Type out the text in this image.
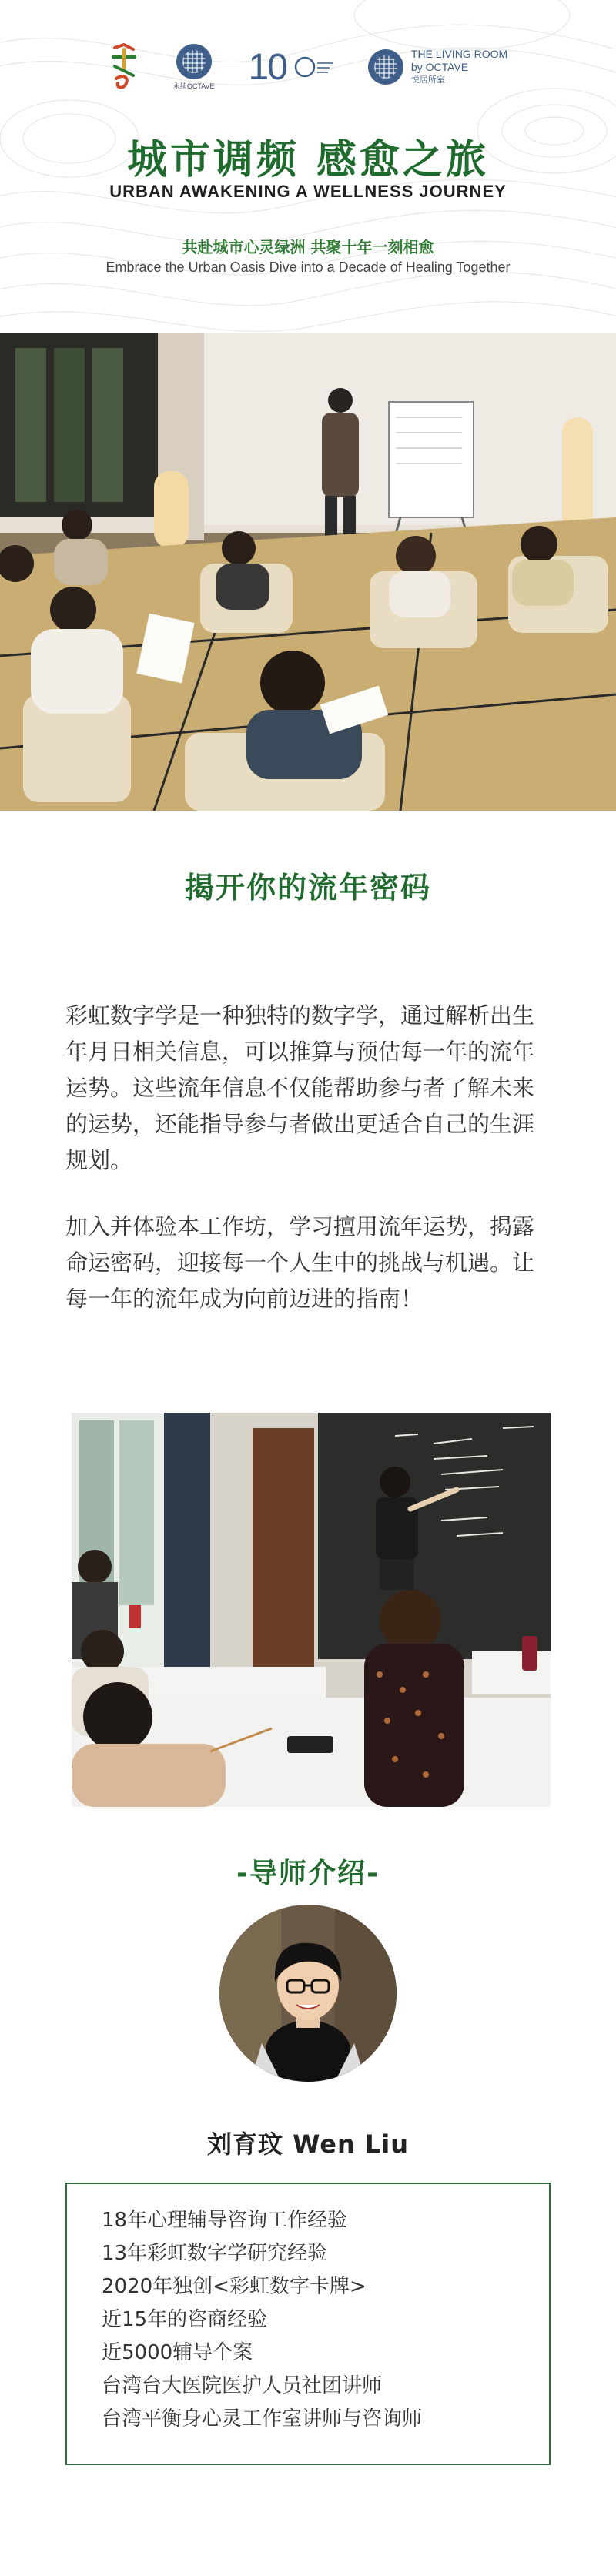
永续OCTAVE 10	THE LIVING ROOM
by OCTAVE
悦居所室
城市调频 感愈之旅
URBAN AWAKENING A WELLNESS JOURNEY
共赴城市心灵绿洲 共聚十年一刻相愈
Embrace the Urban Oasis Dive into a Decade of Healing Together
揭开你的流年密码

彩虹数字学是一种独特的数字学，通过解析出生年月日相关信息，可以推算与预估每一年的流年运势。这些流年信息不仅能帮助参与者了解未来的运势，还能指导参与者做出更适合自己的生涯规划。

加入并体验本工作坊，学习擅用流年运势，揭露命运密码，迎接每一个人生中的挑战与机遇。让每一年的流年成为向前迈进的指南！

-导师介绍-
刘育玟 Wen Liu
18年心理辅导咨询工作经验
13年彩虹数字学研究经验
2020年独创<彩虹数字卡牌>
近15年的咨商经验
近5000辅导个案
台湾台大医院医护人员社团讲师
台湾平衡身心灵工作室讲师与咨询师
